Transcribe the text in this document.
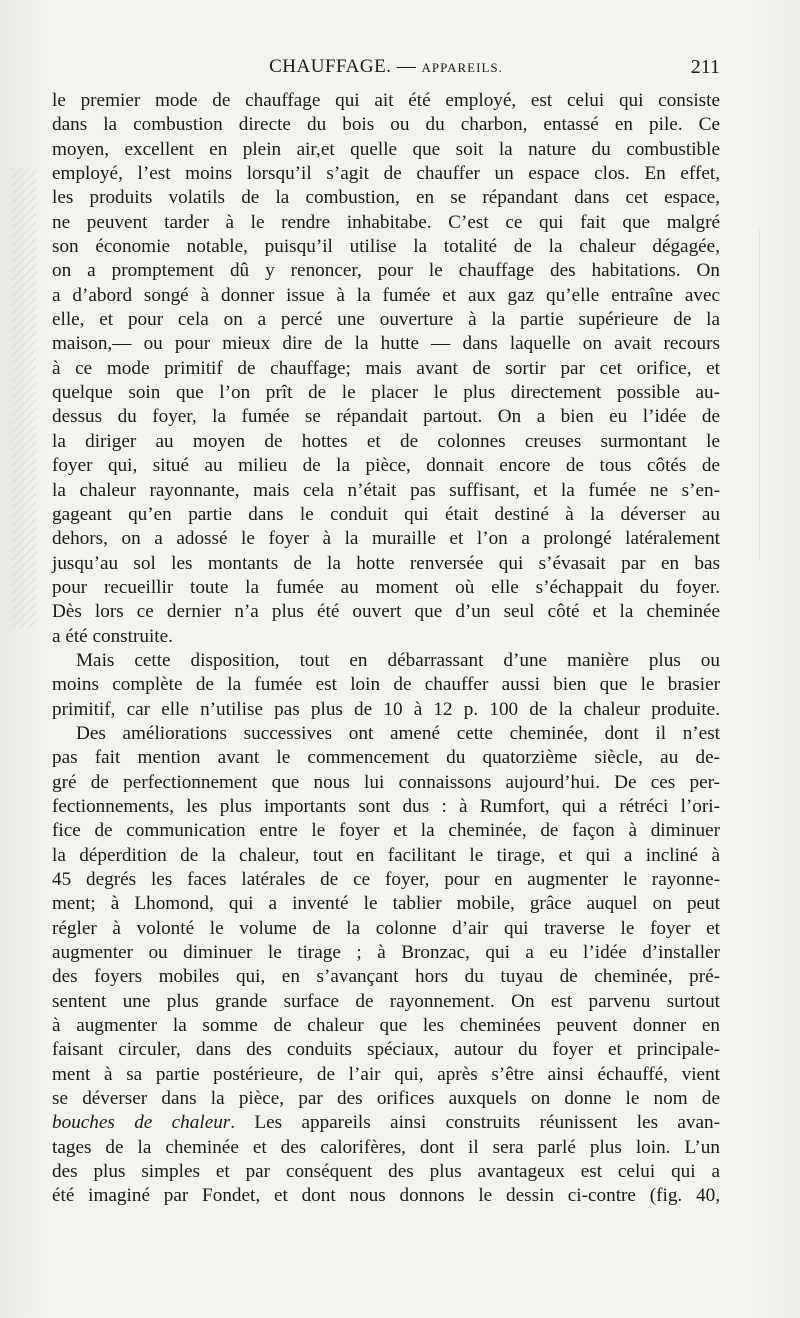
CHAUFFAGE. — APPAREILS.	211
le premier mode de chauffage qui ait été employé, est celui qui consiste
dans la combustion directe du bois ou du charbon, entassé en pile. Ce
moyen, excellent en plein air,et quelle que soit la nature du combustible
employé, l’est moins lorsqu’il s’agit de chauffer un espace clos. En effet,
les produits volatils de la combustion, en se répandant dans cet espace,
ne peuvent tarder à le rendre inhabitabe. C’est ce qui fait que malgré
son économie notable, puisqu’il utilise la totalité de la chaleur dégagée,
on a promptement dû y renoncer, pour le chauffage des habitations. On
a d’abord songé à donner issue à la fumée et aux gaz qu’elle entraîne avec
elle, et pour cela on a percé une ouverture à la partie supérieure de la
maison,— ou pour mieux dire de la hutte — dans laquelle on avait recours
à ce mode primitif de chauffage; mais avant de sortir par cet orifice, et
quelque soin que l’on prît de le placer le plus directement possible au-
dessus du foyer, la fumée se répandait partout. On a bien eu l’idée de
la diriger au moyen de hottes et de colonnes creuses surmontant le
foyer qui, situé au milieu de la pièce, donnait encore de tous côtés de
la chaleur rayonnante, mais cela n’était pas suffisant, et la fumée ne s’en-
gageant qu’en partie dans le conduit qui était destiné à la déverser au
dehors, on a adossé le foyer à la muraille et l’on a prolongé latéralement
jusqu’au sol les montants de la hotte renversée qui s’évasait par en bas
pour recueillir toute la fumée au moment où elle s’échappait du foyer.
Dès lors ce dernier n’a plus été ouvert que d’un seul côté et la cheminée
a été construite.
Mais cette disposition, tout en débarrassant d’une manière plus ou
moins complète de la fumée est loin de chauffer aussi bien que le brasier
primitif, car elle n’utilise pas plus de 10 à 12 p. 100 de la chaleur produite.
Des améliorations successives ont amené cette cheminée, dont il n’est
pas fait mention avant le commencement du quatorzième siècle, au de-
gré de perfectionnement que nous lui connaissons aujourd’hui. De ces per-
fectionnements, les plus importants sont dus : à Rumfort, qui a rétréci l’ori-
fice de communication entre le foyer et la cheminée, de façon à diminuer
la déperdition de la chaleur, tout en facilitant le tirage, et qui a incliné à
45 degrés les faces latérales de ce foyer, pour en augmenter le rayonne-
ment; à Lhomond, qui a inventé le tablier mobile, grâce auquel on peut
régler à volonté le volume de la colonne d’air qui traverse le foyer et
augmenter ou diminuer le tirage ; à Bronzac, qui a eu l’idée d’installer
des foyers mobiles qui, en s’avançant hors du tuyau de cheminée, pré-
sentent une plus grande surface de rayonnement. On est parvenu surtout
à augmenter la somme de chaleur que les cheminées peuvent donner en
faisant circuler, dans des conduits spéciaux, autour du foyer et principale-
ment à sa partie postérieure, de l’air qui, après s’être ainsi échauffé, vient
se déverser dans la pièce, par des orifices auxquels on donne le nom de
bouches de chaleur. Les appareils ainsi construits réunissent les avan-
tages de la cheminée et des calorifères, dont il sera parlé plus loin. L’un
des plus simples et par conséquent des plus avantageux est celui qui a
été imaginé par Fondet, et dont nous donnons le dessin ci-contre (fig. 40,
